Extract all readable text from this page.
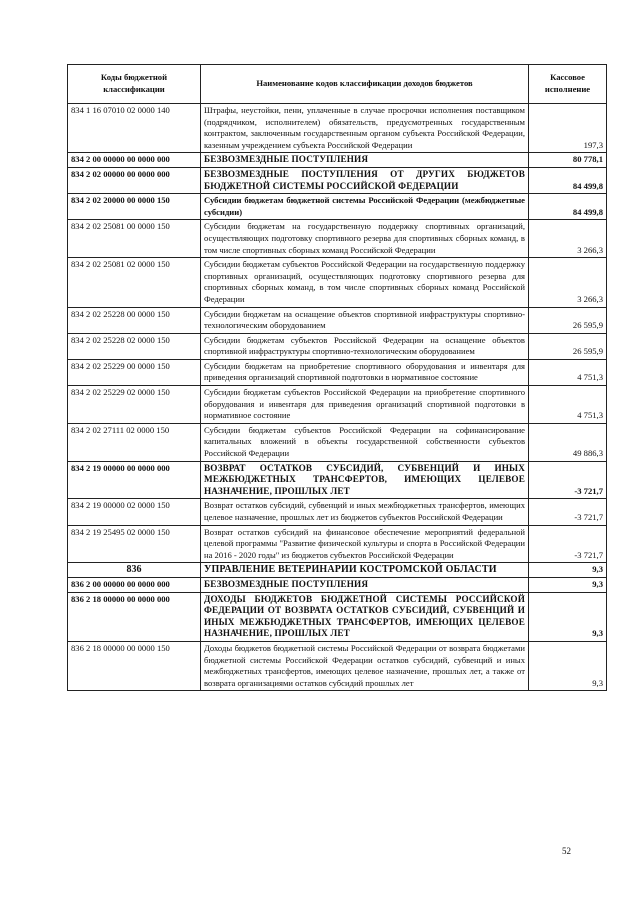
Коды бюджетной классификации	Наименование кодов классификации доходов бюджетов	Кассовое исполнение
834 1 16 07010 02 0000 140	Штрафы, неустойки, пени, уплаченные в случае просрочки исполнения поставщиком (подрядчиком, исполнителем) обязательств, предусмотренных государственным контрактом, заключенным государственным органом субъекта Российской Федерации, казенным учреждением субъекта Российской Федерации	197,3
834 2 00 00000 00 0000 000	БЕЗВОЗМЕЗДНЫЕ ПОСТУПЛЕНИЯ	80 778,1
834 2 02 00000 00 0000 000	БЕЗВОЗМЕЗДНЫЕ ПОСТУПЛЕНИЯ ОТ ДРУГИХ БЮДЖЕТОВ БЮДЖЕТНОЙ СИСТЕМЫ РОССИЙСКОЙ ФЕДЕРАЦИИ	84 499,8
834 2 02 20000 00 0000 150	Субсидии бюджетам бюджетной системы Российской Федерации (межбюджетные субсидии)	84 499,8
834 2 02 25081 00 0000 150	Субсидии бюджетам на государственную поддержку спортивных организаций, осуществляющих подготовку спортивного резерва для спортивных сборных команд, в том числе спортивных сборных команд Российской Федерации	3 266,3
834 2 02 25081 02 0000 150	Субсидии бюджетам субъектов Российской Федерации на государственную поддержку спортивных организаций, осуществляющих подготовку спортивного резерва для спортивных сборных команд, в том числе спортивных сборных команд Российской Федерации	3 266,3
834 2 02 25228 00 0000 150	Субсидии бюджетам на оснащение объектов спортивной инфраструктуры спортивно-технологическим оборудованием	26 595,9
834 2 02 25228 02 0000 150	Субсидии бюджетам субъектов Российской Федерации на оснащение объектов спортивной инфраструктуры спортивно-технологическим оборудованием	26 595,9
834 2 02 25229 00 0000 150	Субсидии бюджетам на приобретение спортивного оборудования и инвентаря для приведения организаций спортивной подготовки в нормативное состояние	4 751,3
834 2 02 25229 02 0000 150	Субсидии бюджетам субъектов Российской Федерации на приобретение спортивного оборудования и инвентаря для приведения организаций спортивной подготовки в нормативное состояние	4 751,3
834 2 02 27111 02 0000 150	Субсидии бюджетам субъектов Российской Федерации на софинансирование капитальных вложений в объекты государственной собственности субъектов Российской Федерации	49 886,3
834 2 19 00000 00 0000 000	ВОЗВРАТ ОСТАТКОВ СУБСИДИЙ, СУБВЕНЦИЙ И ИНЫХ МЕЖБЮДЖЕТНЫХ ТРАНСФЕРТОВ, ИМЕЮЩИХ ЦЕЛЕВОЕ НАЗНАЧЕНИЕ, ПРОШЛЫХ ЛЕТ	-3 721,7
834 2 19 00000 02 0000 150	Возврат остатков субсидий, субвенций и иных межбюджетных трансфертов, имеющих целевое назначение, прошлых лет из бюджетов субъектов Российской Федерации	-3 721,7
834 2 19 25495 02 0000 150	Возврат остатков субсидий на финансовое обеспечение мероприятий федеральной целевой программы "Развитие физической культуры и спорта в Российской Федерации на 2016 - 2020 годы" из бюджетов субъектов Российской Федерации	-3 721,7
836	УПРАВЛЕНИЕ ВЕТЕРИНАРИИ КОСТРОМСКОЙ ОБЛАСТИ	9,3
836 2 00 00000 00 0000 000	БЕЗВОЗМЕЗДНЫЕ ПОСТУПЛЕНИЯ	9,3
836 2 18 00000 00 0000 000	ДОХОДЫ БЮДЖЕТОВ БЮДЖЕТНОЙ СИСТЕМЫ РОССИЙСКОЙ ФЕДЕРАЦИИ ОТ ВОЗВРАТА ОСТАТКОВ СУБСИДИЙ, СУБВЕНЦИЙ И ИНЫХ МЕЖБЮДЖЕТНЫХ ТРАНСФЕРТОВ, ИМЕЮЩИХ ЦЕЛЕВОЕ НАЗНАЧЕНИЕ, ПРОШЛЫХ ЛЕТ	9,3
836 2 18 00000 00 0000 150	Доходы бюджетов бюджетной системы Российской Федерации от возврата бюджетами бюджетной системы Российской Федерации остатков субсидий, субвенций и иных межбюджетных трансфертов, имеющих целевое назначение, прошлых лет, а также от возврата организациями остатков субсидий прошлых лет	9,3
52
